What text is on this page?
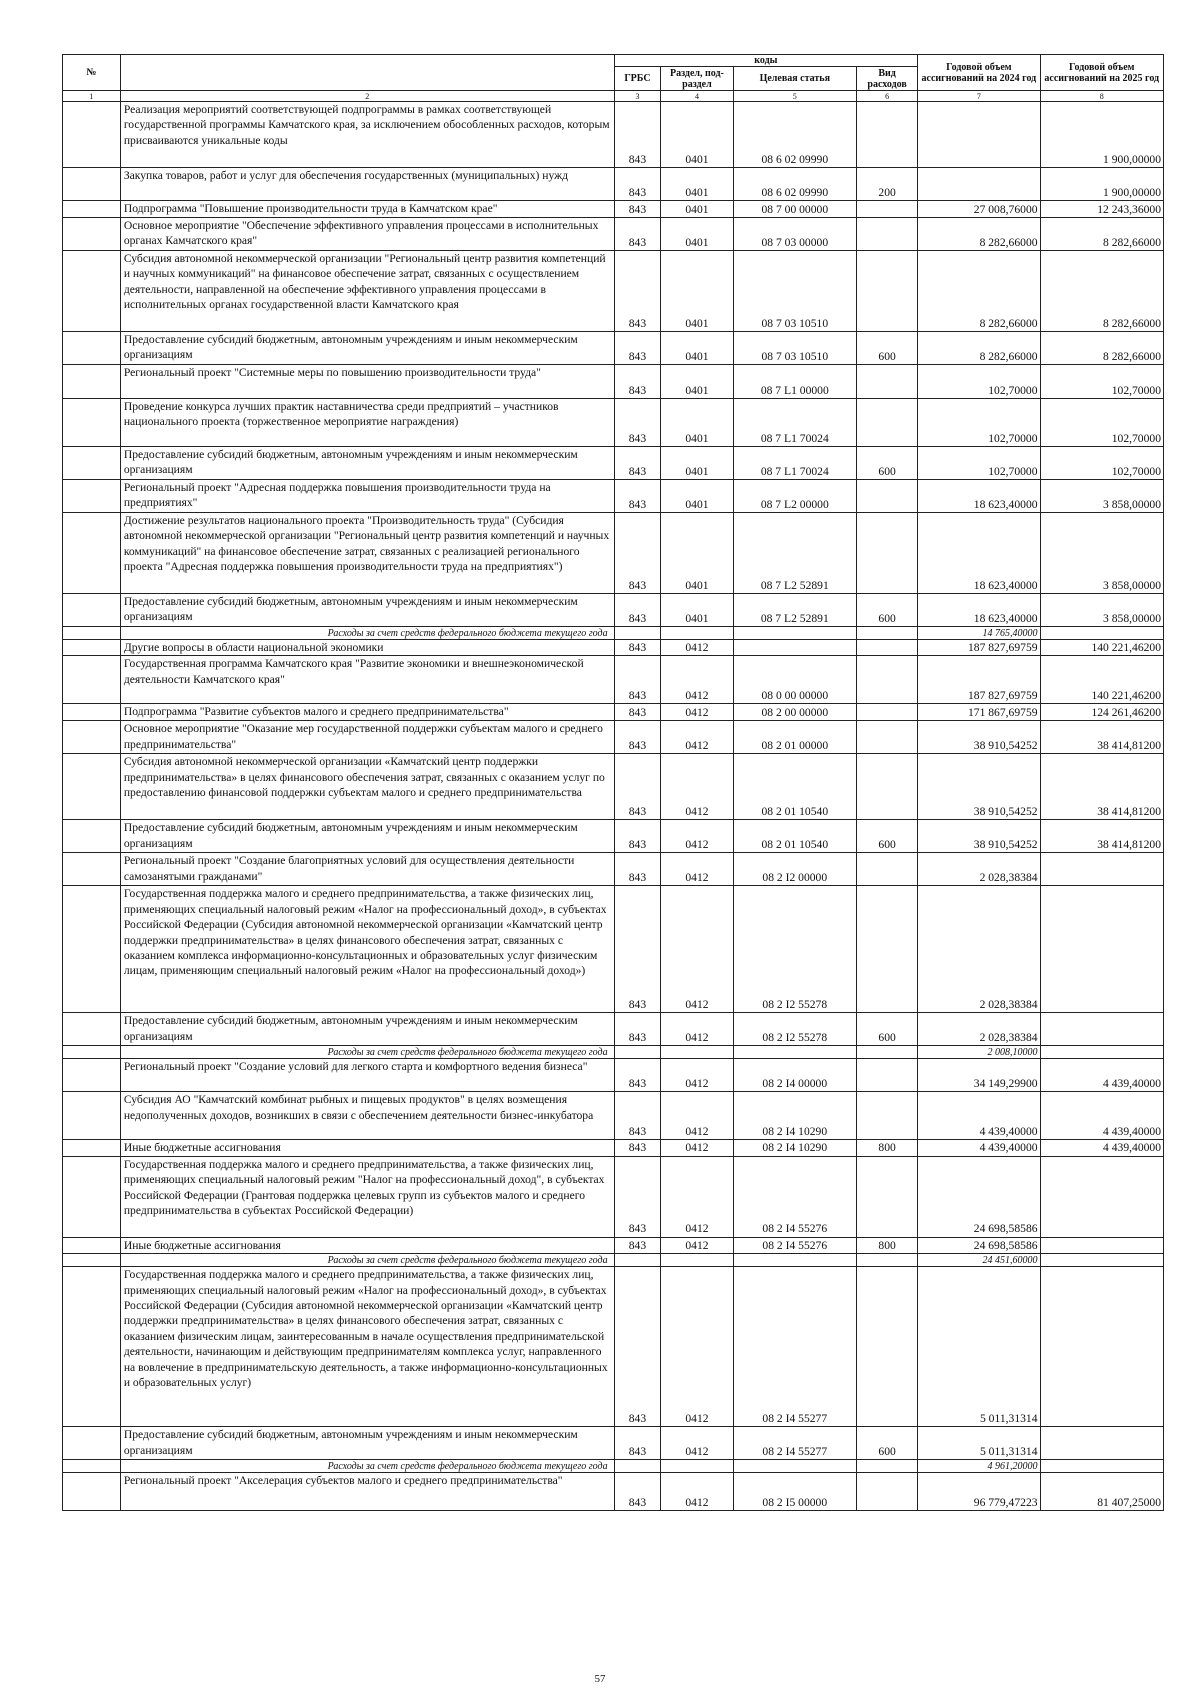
№		коды				Годовой объем ассигнований на 2024 год	Годовой объем ассигнований на 2025 год
		ГРБС	Раздел, под-раздел	Целевая статья	Вид расходов		
1	2	3	4	5	6	7	8
	Реализация мероприятий соответствующей подпрограммы в рамках соответствующей государственной программы Камчатского края, за исключением обособленных расходов, которым присваиваются уникальные коды	843	0401	08 6 02 09990			1 900,00000
	Закупка товаров, работ и услуг для обеспечения государственных (муниципальных) нужд	843	0401	08 6 02 09990	200		1 900,00000
	Подпрограмма "Повышение производительности труда в Камчатском крае"	843	0401	08 7 00 00000		27 008,76000	12 243,36000
	Основное мероприятие "Обеспечение эффективного управления процессами в исполнительных органах Камчатского края"	843	0401	08 7 03 00000		8 282,66000	8 282,66000
	Субсидия автономной некоммерческой организации "Региональный центр развития компетенций и научных коммуникаций" на финансовое обеспечение затрат, связанных с осуществлением деятельности, направленной на обеспечение эффективного управления процессами в исполнительных органах государственной власти Камчатского края	843	0401	08 7 03 10510		8 282,66000	8 282,66000
	Предоставление субсидий бюджетным, автономным учреждениям и иным некоммерческим организациям	843	0401	08 7 03 10510	600	8 282,66000	8 282,66000
	Региональный проект "Системные меры по повышению производительности труда"	843	0401	08 7 L1 00000		102,70000	102,70000
	Проведение конкурса лучших практик наставничества среди предприятий – участников национального проекта (торжественное мероприятие награждения)	843	0401	08 7 L1 70024		102,70000	102,70000
	Предоставление субсидий бюджетным, автономным учреждениям и иным некоммерческим организациям	843	0401	08 7 L1 70024	600	102,70000	102,70000
	Региональный проект "Адресная поддержка повышения производительности труда на предприятиях"	843	0401	08 7 L2 00000		18 623,40000	3 858,00000
	Достижение результатов национального проекта "Производительность труда" (Субсидия автономной некоммерческой организации "Региональный центр развития компетенций и научных коммуникаций" на финансовое обеспечение затрат, связанных с реализацией регионального проекта "Адресная поддержка повышения производительности труда на предприятиях")	843	0401	08 7 L2 52891		18 623,40000	3 858,00000
	Предоставление субсидий бюджетным, автономным учреждениям и иным некоммерческим организациям	843	0401	08 7 L2 52891	600	18 623,40000	3 858,00000
	Расходы за счет средств федерального бюджета текущего года					14 765,40000	
	Другие вопросы в области национальной экономики	843	0412			187 827,69759	140 221,46200
	Государственная программа Камчатского края "Развитие экономики и внешнеэкономической деятельности Камчатского края"	843	0412	08 0 00 00000		187 827,69759	140 221,46200
	Подпрограмма "Развитие субъектов малого и среднего предпринимательства"	843	0412	08 2 00 00000		171 867,69759	124 261,46200
	Основное мероприятие "Оказание мер государственной поддержки субъектам малого и среднего предпринимательства"	843	0412	08 2 01 00000		38 910,54252	38 414,81200
	Субсидия автономной некоммерческой организации «Камчатский центр поддержки предпринимательства» в целях финансового обеспечения затрат, связанных с оказанием услуг по предоставлению финансовой поддержки субъектам малого и среднего предпринимательства	843	0412	08 2 01 10540		38 910,54252	38 414,81200
	Предоставление субсидий бюджетным, автономным учреждениям и иным некоммерческим организациям	843	0412	08 2 01 10540	600	38 910,54252	38 414,81200
	Региональный проект "Создание благоприятных условий для осуществления деятельности самозанятыми гражданами"	843	0412	08 2 I2 00000		2 028,38384	
	Государственная поддержка малого и среднего предпринимательства, а также физических лиц, применяющих специальный налоговый режим «Налог на профессиональный доход», в субъектах Российской Федерации (Субсидия автономной некоммерческой организации «Камчатский центр поддержки предпринимательства» в целях финансового обеспечения затрат, связанных с оказанием комплекса информационно-консультационных и образовательных услуг физическим лицам, применяющим специальный налоговый режим «Налог на профессиональный доход»)	843	0412	08 2 I2 55278		2 028,38384	
	Предоставление субсидий бюджетным, автономным учреждениям и иным некоммерческим организациям	843	0412	08 2 I2 55278	600	2 028,38384	
	Расходы за счет средств федерального бюджета текущего года					2 008,10000	
	Региональный проект "Создание условий для легкого старта и комфортного ведения бизнеса"	843	0412	08 2 I4 00000		34 149,29900	4 439,40000
	Субсидия АО "Камчатский комбинат рыбных и пищевых продуктов" в целях возмещения недополученных доходов, возникших в связи с обеспечением деятельности бизнес-инкубатора	843	0412	08 2 I4 10290		4 439,40000	4 439,40000
	Иные бюджетные ассигнования	843	0412	08 2 I4 10290	800	4 439,40000	4 439,40000
	Государственная поддержка малого и среднего предпринимательства, а также физических лиц, применяющих специальный налоговый режим "Налог на профессиональный доход", в субъектах Российской Федерации (Грантовая поддержка целевых групп из субъектов малого и среднего предпринимательства в субъектах Российской Федерации)	843	0412	08 2 I4 55276		24 698,58586	
	Иные бюджетные ассигнования	843	0412	08 2 I4 55276	800	24 698,58586	
	Расходы за счет средств федерального бюджета текущего года					24 451,60000	
	Государственная поддержка малого и среднего предпринимательства, а также физических лиц, применяющих специальный налоговый режим «Налог на профессиональный доход», в субъектах Российской Федерации (Субсидия автономной некоммерческой организации «Камчатский центр поддержки предпринимательства» в целях финансового обеспечения затрат, связанных с оказанием физическим лицам, заинтересованным в начале осуществления предпринимательской деятельности, начинающим и действующим предпринимателям комплекса услуг, направленного на вовлечение в предпринимательскую деятельность, а также информационно-консультационных и образовательных услуг)	843	0412	08 2 I4 55277		5 011,31314	
	Предоставление субсидий бюджетным, автономным учреждениям и иным некоммерческим организациям	843	0412	08 2 I4 55277	600	5 011,31314	
	Расходы за счет средств федерального бюджета текущего года					4 961,20000	
	Региональный проект "Акселерация субъектов малого и среднего предпринимательства"	843	0412	08 2 I5 00000		96 779,47223	81 407,25000
57
